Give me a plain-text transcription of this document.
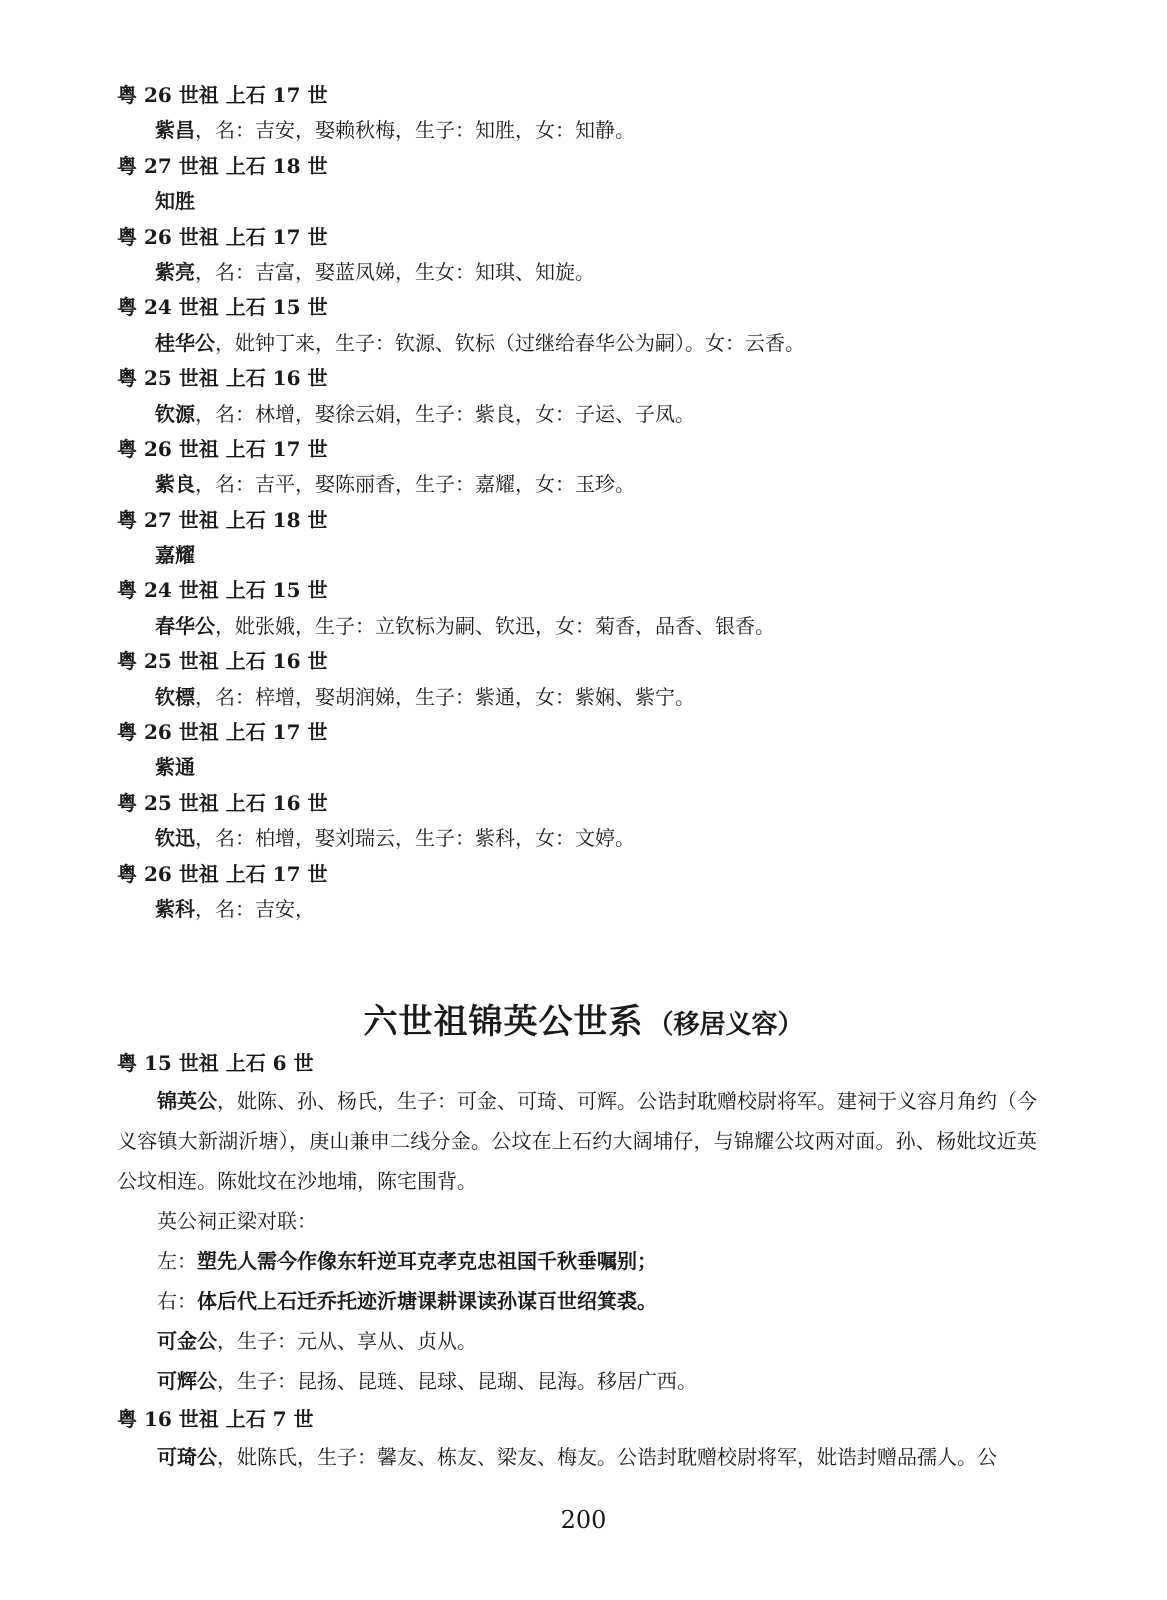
粤 26 世祖 上石 17 世
紫昌，名：吉安，娶赖秋梅，生子：知胜，女：知静。
粤 27 世祖 上石 18 世
知胜
粤 26 世祖 上石 17 世
紫亮，名：吉富，娶蓝凤娣，生女：知琪、知旋。
粤 24 世祖 上石 15 世
桂华公，妣钟丁来，生子：钦源、钦标（过继给春华公为嗣）。女：云香。
粤 25 世祖 上石 16 世
钦源，名：林增，娶徐云娟，生子：紫良，女：子运、子凤。
粤 26 世祖 上石 17 世
紫良，名：吉平，娶陈丽香，生子：嘉耀，女：玉珍。
粤 27 世祖 上石 18 世
嘉耀
粤 24 世祖 上石 15 世
春华公，妣张娥，生子：立钦标为嗣、钦迅，女：菊香，品香、银香。
粤 25 世祖 上石 16 世
钦標，名：梓增，娶胡润娣，生子：紫通，女：紫娴、紫宁。
粤 26 世祖 上石 17 世
紫通
粤 25 世祖 上石 16 世
钦迅，名：柏增，娶刘瑞云，生子：紫科，女：文婷。
粤 26 世祖 上石 17 世
紫科，名：吉安，
六世祖锦英公世系 （移居义容）
粤 15 世祖 上石 6 世

锦英公，妣陈、孙、杨氏，生子：可金、可琦、可辉。公诰封耽赠校尉将军。建祠于义容月角约（今义容镇大新湖沂塘），庚山兼申二线分金。公坟在上石约大阔埔仔，与锦耀公坟两对面。孙、杨妣坟近英公坟相连。陈妣坟在沙地埔，陈宅围背。

英公祠正梁对联：
左：塑先人需今作像东轩逆耳克孝克忠祖国千秋垂嘱别；
右：体后代上石迁乔托迹沂塘课耕课读孙谋百世绍箕裘。
可金公，生子：元从、享从、贞从。
可辉公，生子：昆扬、昆琏、昆球、昆瑚、昆海。移居广西。
粤 16 世祖 上石 7 世
可琦公，妣陈氏，生子：馨友、栋友、梁友、梅友。公诰封耽赠校尉将军，妣诰封赠品孺人。公
200
